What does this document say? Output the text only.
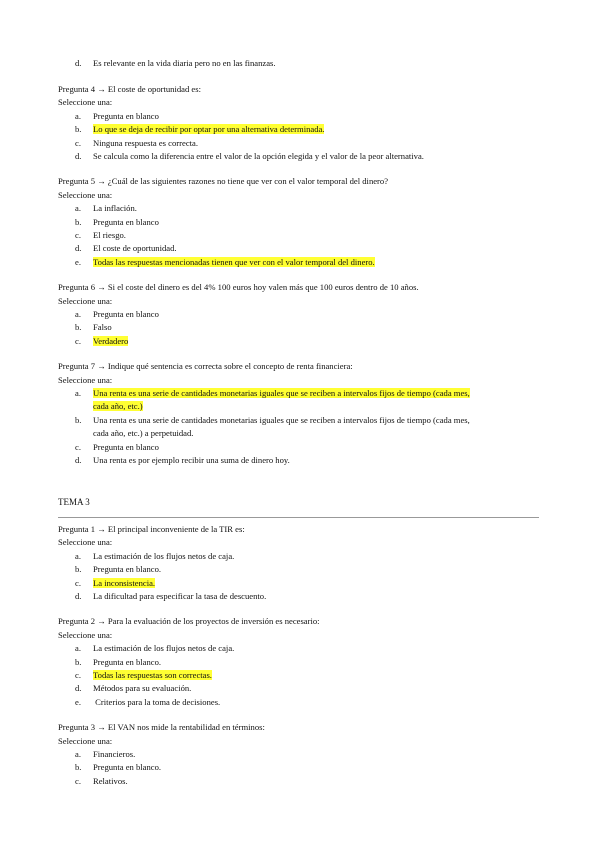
d. Es relevante en la vida diaria pero no en las finanzas.
Pregunta 4 → El coste de oportunidad es:
Seleccione una:
a. Pregunta en blanco
b. Lo que se deja de recibir por optar por una alternativa determinada.
c. Ninguna respuesta es correcta.
d. Se calcula como la diferencia entre el valor de la opción elegida y el valor de la peor alternativa.
Pregunta 5 → ¿Cuál de las siguientes razones no tiene que ver con el valor temporal del dinero?
Seleccione una:
a. La inflación.
b. Pregunta en blanco
c. El riesgo.
d. El coste de oportunidad.
e. Todas las respuestas mencionadas tienen que ver con el valor temporal del dinero.
Pregunta 6 → Si el coste del dinero es del 4% 100 euros hoy valen más que 100 euros dentro de 10 años.
Seleccione una:
a. Pregunta en blanco
b. Falso
c. Verdadero
Pregunta 7 → Indique qué sentencia es correcta sobre el concepto de renta financiera:
Seleccione una:
a. Una renta es una serie de cantidades monetarias iguales que se reciben a intervalos fijos de tiempo (cada mes,
cada año, etc.)
b. Una renta es una serie de cantidades monetarias iguales que se reciben a intervalos fijos de tiempo (cada mes,
cada año, etc.) a perpetuidad.
c. Pregunta en blanco
d. Una renta es por ejemplo recibir una suma de dinero hoy.
TEMA 3
Pregunta 1 → El principal inconveniente de la TIR es:
Seleccione una:
a. La estimación de los flujos netos de caja.
b. Pregunta en blanco.
c. La inconsistencia.
d. La dificultad para especificar la tasa de descuento.
Pregunta 2 → Para la evaluación de los proyectos de inversión es necesario:
Seleccione una:
a. La estimación de los flujos netos de caja.
b. Pregunta en blanco.
c. Todas las respuestas son correctas.
d. Métodos para su evaluación.
e. Criterios para la toma de decisiones.
Pregunta 3 → El VAN nos mide la rentabilidad en términos:
Seleccione una:
a. Financieros.
b. Pregunta en blanco.
c. Relativos.
